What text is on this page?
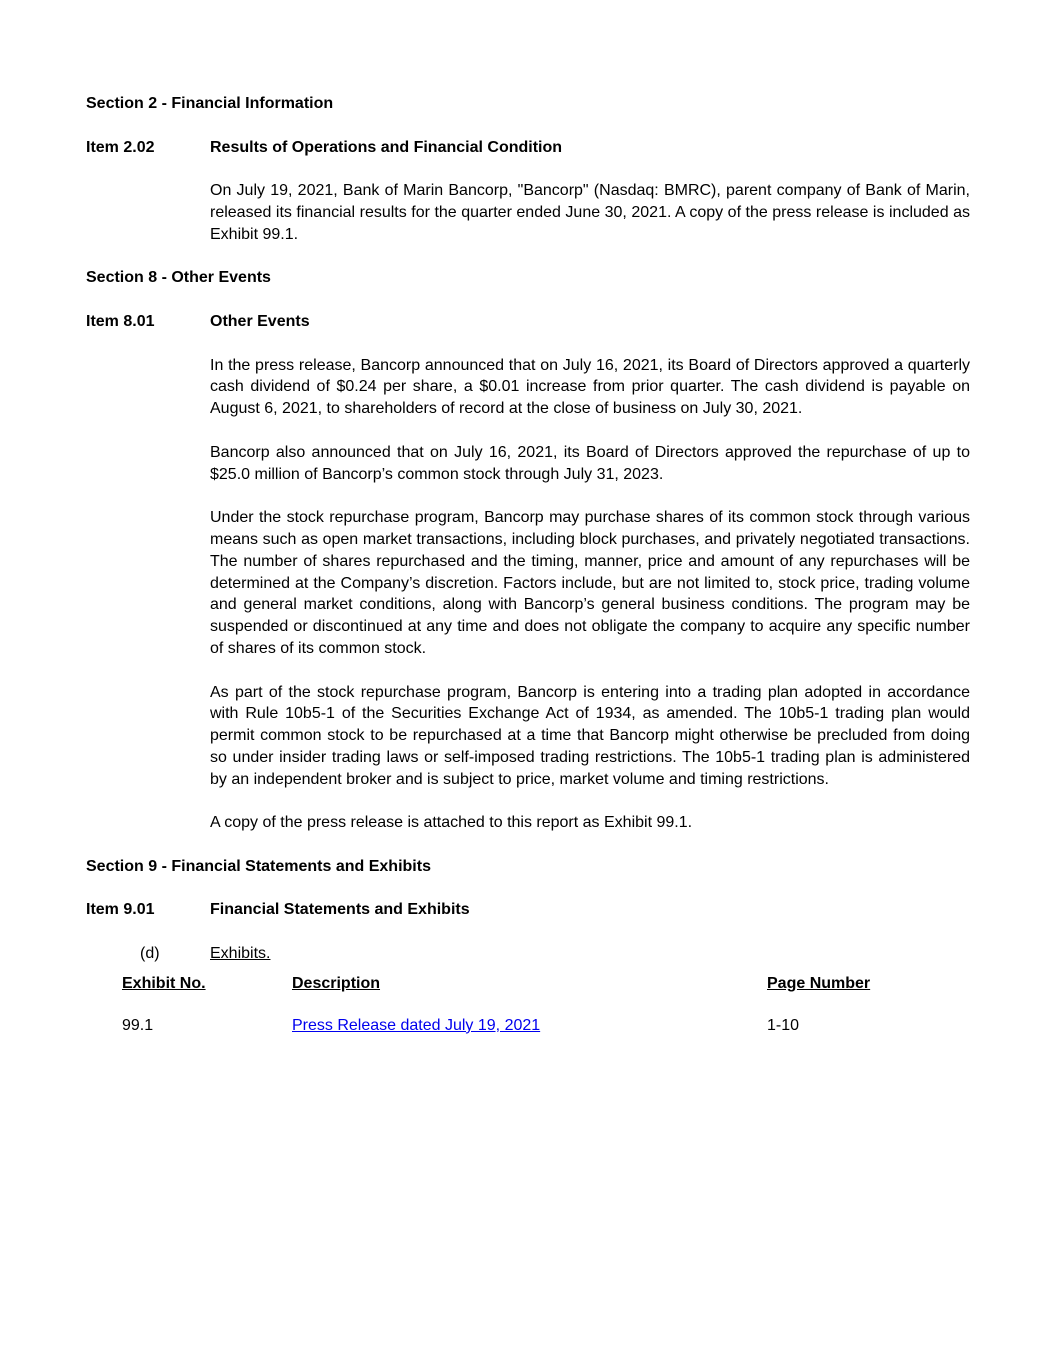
Section 2 - Financial Information
Item 2.02	Results of Operations and Financial Condition
On July 19, 2021, Bank of Marin Bancorp, "Bancorp" (Nasdaq: BMRC), parent company of Bank of Marin, released its financial results for the quarter ended June 30, 2021. A copy of the press release is included as Exhibit 99.1.
Section 8 - Other Events
Item 8.01	Other Events
In the press release, Bancorp announced that on July 16, 2021, its Board of Directors approved a quarterly cash dividend of $0.24 per share, a $0.01 increase from prior quarter. The cash dividend is payable on August 6, 2021, to shareholders of record at the close of business on July 30, 2021.
Bancorp also announced that on July 16, 2021, its Board of Directors approved the repurchase of up to $25.0 million of Bancorp’s common stock through July 31, 2023.
Under the stock repurchase program, Bancorp may purchase shares of its common stock through various means such as open market transactions, including block purchases, and privately negotiated transactions. The number of shares repurchased and the timing, manner, price and amount of any repurchases will be determined at the Company’s discretion. Factors include, but are not limited to, stock price, trading volume and general market conditions, along with Bancorp’s general business conditions. The program may be suspended or discontinued at any time and does not obligate the company to acquire any specific number of shares of its common stock.
As part of the stock repurchase program, Bancorp is entering into a trading plan adopted in accordance with Rule 10b5-1 of the Securities Exchange Act of 1934, as amended. The 10b5-1 trading plan would permit common stock to be repurchased at a time that Bancorp might otherwise be precluded from doing so under insider trading laws or self-imposed trading restrictions. The 10b5-1 trading plan is administered by an independent broker and is subject to price, market volume and timing restrictions.
A copy of the press release is attached to this report as Exhibit 99.1.
Section 9 - Financial Statements and Exhibits
Item 9.01	Financial Statements and Exhibits
(d)	Exhibits.
Exhibit No.	Description	Page Number
99.1	Press Release dated July 19, 2021	1-10
